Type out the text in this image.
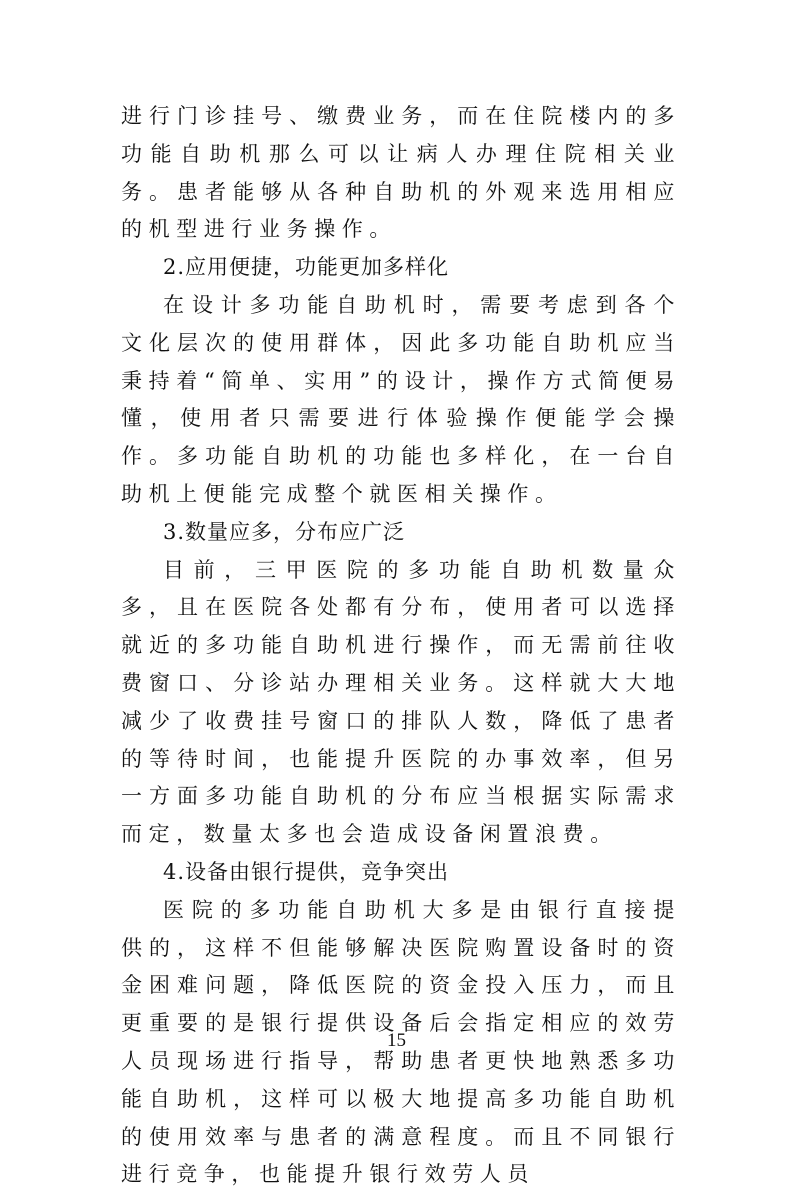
进行门诊挂号、缴费业务，而在住院楼内的多功能自助机那么可以让病人办理住院相关业务。患者能够从各种自助机的外观来选用相应的机型进行业务操作。

2.应用便捷，功能更加多样化

在设计多功能自助机时，需要考虑到各个文化层次的使用群体，因此多功能自助机应当秉持着“简单、实用”的设计，操作方式简便易懂，使用者只需要进行体验操作便能学会操作。多功能自助机的功能也多样化，在一台自助机上便能完成整个就医相关操作。

3.数量应多，分布应广泛

目前，三甲医院的多功能自助机数量众多，且在医院各处都有分布，使用者可以选择就近的多功能自助机进行操作，而无需前往收费窗口、分诊站办理相关业务。这样就大大地减少了收费挂号窗口的排队人数，降低了患者的等待时间，也能提升医院的办事效率，但另一方面多功能自助机的分布应当根据实际需求而定，数量太多也会造成设备闲置浪费。

4.设备由银行提供，竞争突出

医院的多功能自助机大多是由银行直接提供的，这样不但能够解决医院购置设备时的资金困难问题，降低医院的资金投入压力，而且更重要的是银行提供设备后会指定相应的效劳人员现场进行指导，帮助患者更快地熟悉多功能自助机，这样可以极大地提高多功能自助机的使用效率与患者的满意程度。而且不同银行进行竞争，也能提升银行效劳人员

15
